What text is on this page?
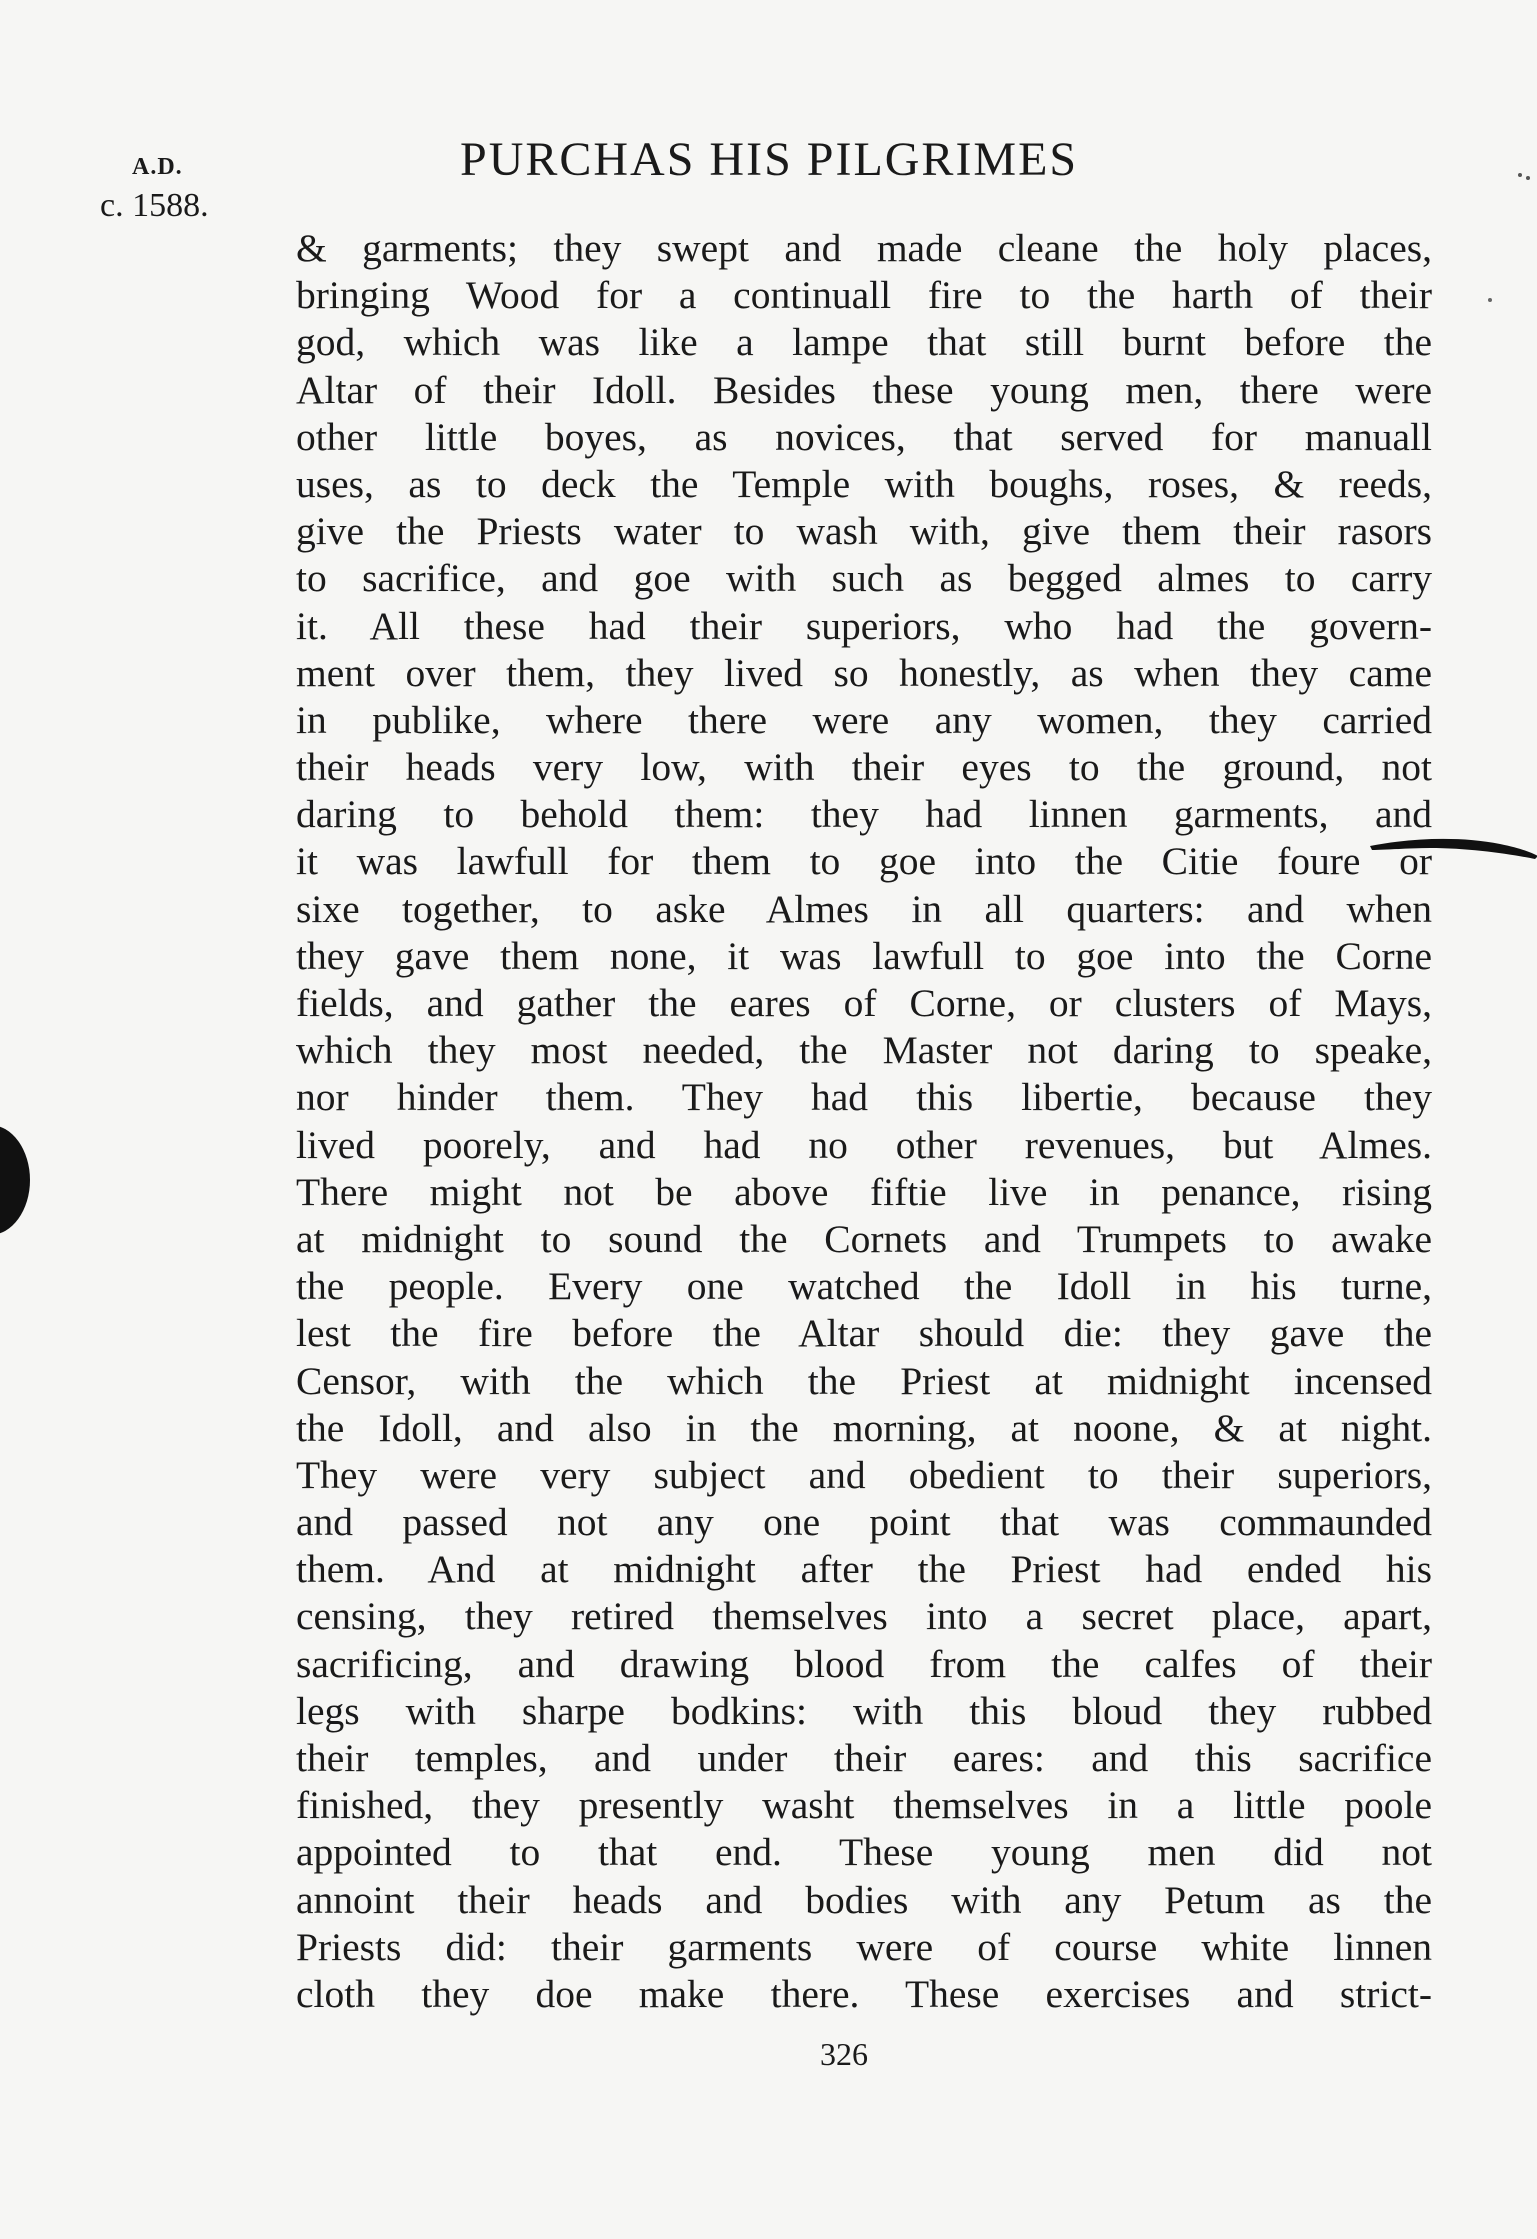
A.D.
c. 1588.
PURCHAS HIS PILGRIMES
& garments; they swept and made cleane the holy places,
bringing Wood for a continuall fire to the harth of their
god, which was like a lampe that still burnt before the
Altar of their Idoll. Besides these young men, there were
other little boyes, as novices, that served for manuall
uses, as to deck the Temple with boughs, roses, & reeds,
give the Priests water to wash with, give them their rasors
to sacrifice, and goe with such as begged almes to carry
it. All these had their superiors, who had the govern-
ment over them, they lived so honestly, as when they came
in publike, where there were any women, they carried
their heads very low, with their eyes to the ground, not
daring to behold them: they had linnen garments, and
it was lawfull for them to goe into the Citie foure or
sixe together, to aske Almes in all quarters: and when
they gave them none, it was lawfull to goe into the Corne
fields, and gather the eares of Corne, or clusters of Mays,
which they most needed, the Master not daring to speake,
nor hinder them. They had this libertie, because they
lived poorely, and had no other revenues, but Almes.
There might not be above fiftie live in penance, rising
at midnight to sound the Cornets and Trumpets to awake
the people. Every one watched the Idoll in his turne,
lest the fire before the Altar should die: they gave the
Censor, with the which the Priest at midnight incensed
the Idoll, and also in the morning, at noone, & at night.
They were very subject and obedient to their superiors,
and passed not any one point that was commaunded
them. And at midnight after the Priest had ended his
censing, they retired themselves into a secret place, apart,
sacrificing, and drawing blood from the calfes of their
legs with sharpe bodkins: with this bloud they rubbed
their temples, and under their eares: and this sacrifice
finished, they presently washt themselves in a little poole
appointed to that end. These young men did not
annoint their heads and bodies with any Petum as the
Priests did: their garments were of course white linnen
cloth they doe make there. These exercises and strict-
326
